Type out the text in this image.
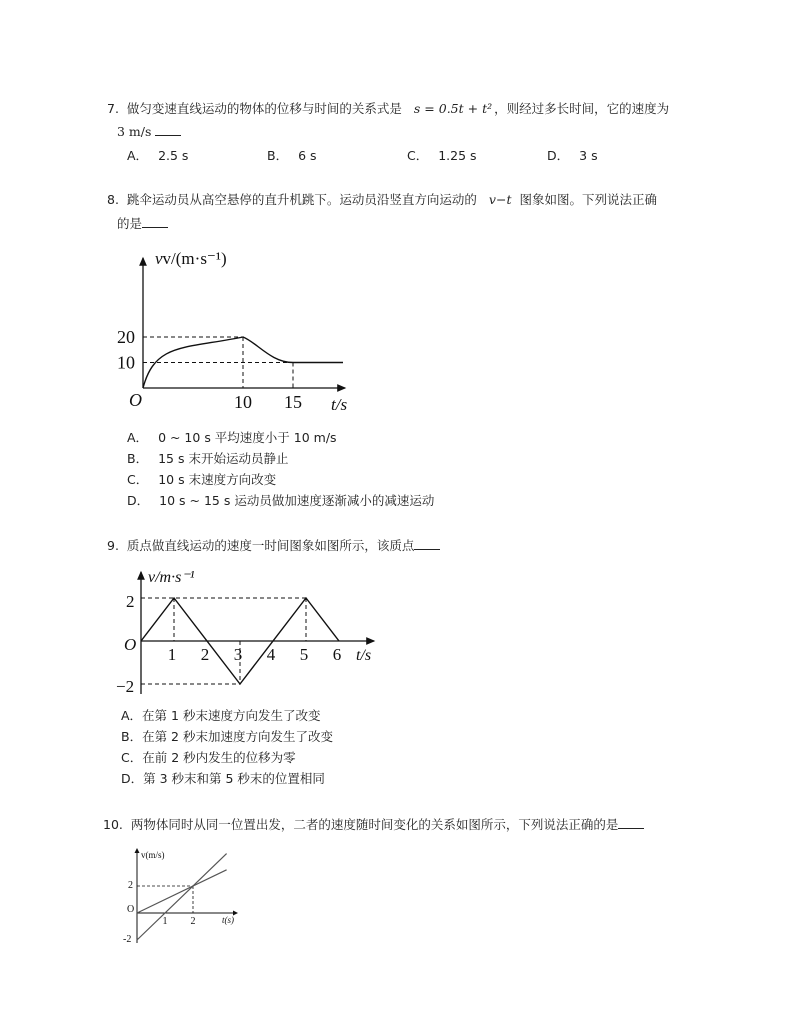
7. 做匀变速直线运动的物体的位移与时间的关系式是 s = 0.5t + t² ，则经过多长时间，它的速度为
3 m/s
A． 2.5 s	B． 6 s	C． 1.25 s	D． 3 s
8. 跳伞运动员从高空悬停的直升机跳下。运动员沿竖直方向运动的 v−t 图象如图。下列说法正确
的是
vv/(m·s⁻¹)
t/s
O
20
10
10 15
A． 0 ~ 10 s 平均速度小于 10 m/s
B． 15 s 末开始运动员静止
C． 10 s 末速度方向改变
D． 10 s ~ 15 s 运动员做加速度逐渐减小的减速运动
9. 质点做直线运动的速度一时间图象如图所示，该质点
v/m·s⁻¹
t/s
O
2
−2
1 2 3 4 5 6
A．在第 1 秒末速度方向发生了改变
B．在第 2 秒末加速度方向发生了改变
C．在前 2 秒内发生的位移为零
D．第 3 秒末和第 5 秒末的位置相同
10. 两物体同时从同一位置出发，二者的速度随时间变化的关系如图所示，下列说法正确的是
v(m/s)
t(s)
O
2
-2
1 2
